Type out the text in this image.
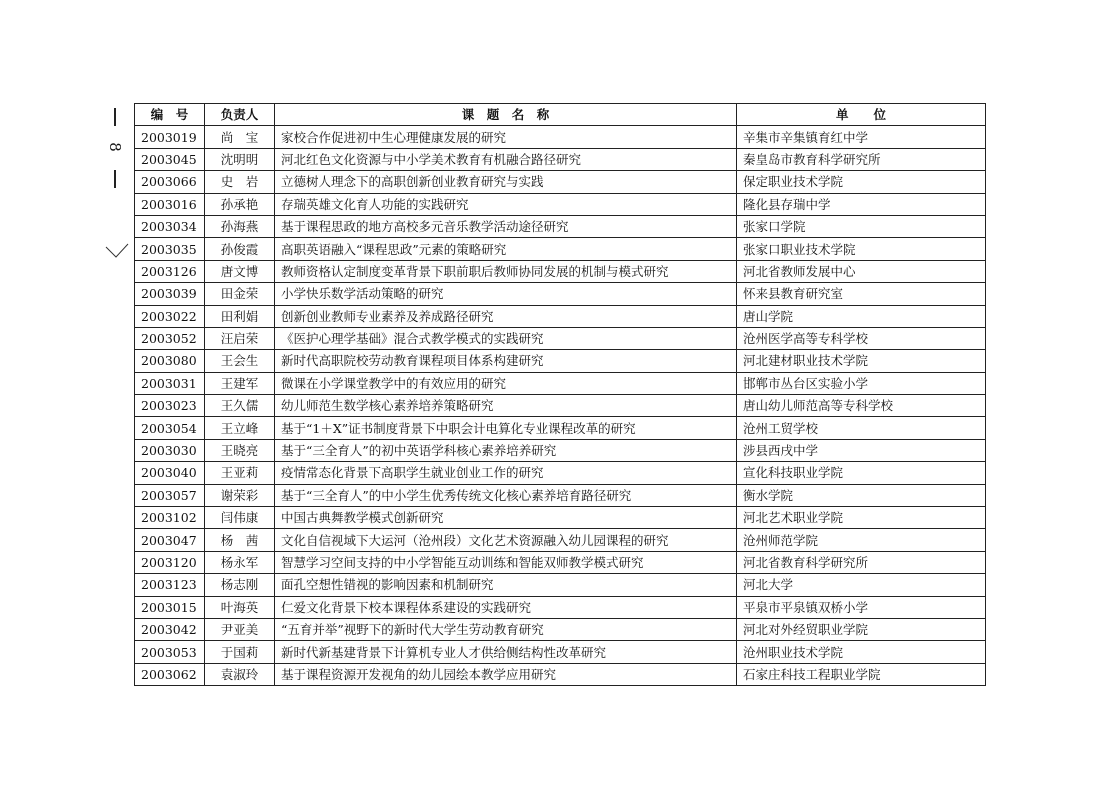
8
编　号	负责人	课　题　名　称	单　　位
2003019	尚　宝	家校合作促进初中生心理健康发展的研究	辛集市辛集镇育红中学
2003045	沈明明	河北红色文化资源与中小学美术教育有机融合路径研究	秦皇岛市教育科学研究所
2003066	史　岩	立德树人理念下的高职创新创业教育研究与实践	保定职业技术学院
2003016	孙承艳	存瑞英雄文化育人功能的实践研究	隆化县存瑞中学
2003034	孙海燕	基于课程思政的地方高校多元音乐教学活动途径研究	张家口学院
2003035	孙俊霞	高职英语融入“课程思政”元素的策略研究	张家口职业技术学院
2003126	唐文博	教师资格认定制度变革背景下职前职后教师协同发展的机制与模式研究	河北省教师发展中心
2003039	田金荣	小学快乐数学活动策略的研究	怀来县教育研究室
2003022	田利娟	创新创业教师专业素养及养成路径研究	唐山学院
2003052	汪启荣	《医护心理学基础》混合式教学模式的实践研究	沧州医学高等专科学校
2003080	王会生	新时代高职院校劳动教育课程项目体系构建研究	河北建材职业技术学院
2003031	王建军	微课在小学课堂教学中的有效应用的研究	邯郸市丛台区实验小学
2003023	王久儒	幼儿师范生数学核心素养培养策略研究	唐山幼儿师范高等专科学校
2003054	王立峰	基于“1＋X”证书制度背景下中职会计电算化专业课程改革的研究	沧州工贸学校
2003030	王晓亮	基于“三全育人”的初中英语学科核心素养培养研究	涉县西戌中学
2003040	王亚莉	疫情常态化背景下高职学生就业创业工作的研究	宣化科技职业学院
2003057	谢荣彩	基于“三全育人”的中小学生优秀传统文化核心素养培育路径研究	衡水学院
2003102	闫伟康	中国古典舞教学模式创新研究	河北艺术职业学院
2003047	杨　茜	文化自信视域下大运河（沧州段）文化艺术资源融入幼儿园课程的研究	沧州师范学院
2003120	杨永军	智慧学习空间支持的中小学智能互动训练和智能双师教学模式研究	河北省教育科学研究所
2003123	杨志刚	面孔空想性错视的影响因素和机制研究	河北大学
2003015	叶海英	仁爱文化背景下校本课程体系建设的实践研究	平泉市平泉镇双桥小学
2003042	尹亚美	“五育并举”视野下的新时代大学生劳动教育研究	河北对外经贸职业学院
2003053	于国莉	新时代新基建背景下计算机专业人才供给侧结构性改革研究	沧州职业技术学院
2003062	袁淑玲	基于课程资源开发视角的幼儿园绘本教学应用研究	石家庄科技工程职业学院
